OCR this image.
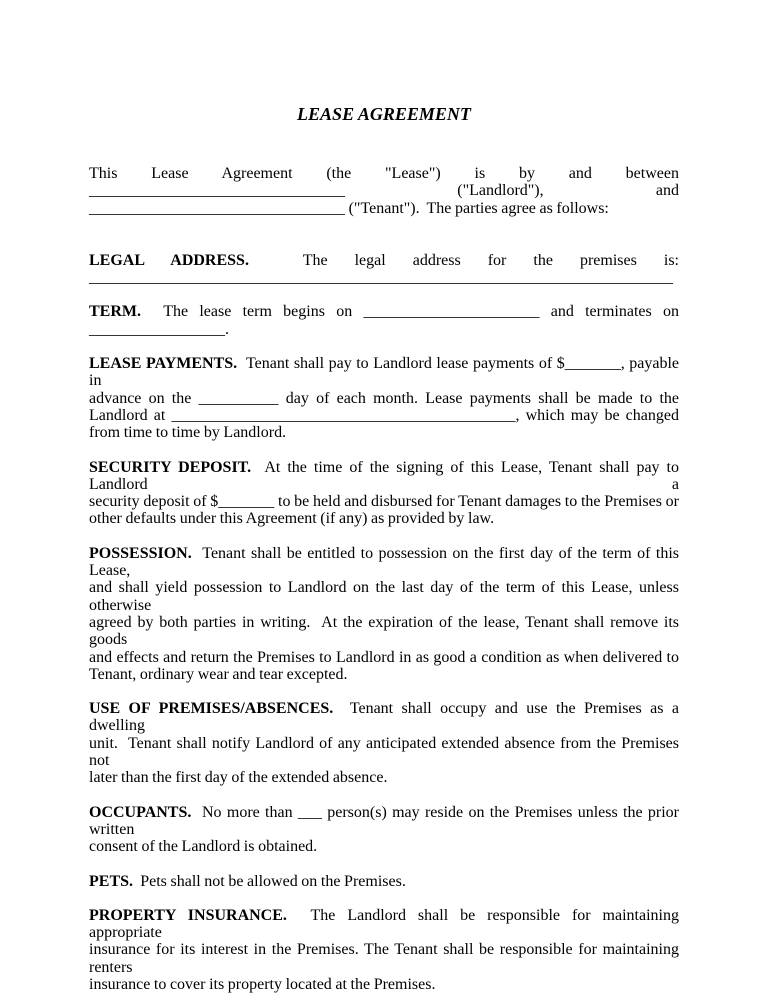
LEASE AGREEMENT
This Lease Agreement (the "Lease") is by and between
________________________________ ("Landlord"), and
________________________________ ("Tenant").  The parties agree as follows:
LEGAL ADDRESS.  The legal address for the premises is:
_________________________________________________________________________
TERM.  The lease term begins on ______________________ and terminates on
_________________.
LEASE PAYMENTS.  Tenant shall pay to Landlord lease payments of $_______, payable in
advance on the __________ day of each month. Lease payments shall be made to the
Landlord at ___________________________________________, which may be changed
from time to time by Landlord.
SECURITY DEPOSIT.  At the time of the signing of this Lease, Tenant shall pay to Landlord a
security deposit of $_______ to be held and disbursed for Tenant damages to the Premises or
other defaults under this Agreement (if any) as provided by law.
POSSESSION.  Tenant shall be entitled to possession on the first day of the term of this Lease,
and shall yield possession to Landlord on the last day of the term of this Lease, unless otherwise
agreed by both parties in writing.  At the expiration of the lease, Tenant shall remove its goods
and effects and return the Premises to Landlord in as good a condition as when delivered to
Tenant, ordinary wear and tear excepted.
USE OF PREMISES/ABSENCES.  Tenant shall occupy and use the Premises as a dwelling
unit.  Tenant shall notify Landlord of any anticipated extended absence from the Premises not
later than the first day of the extended absence.
OCCUPANTS.  No more than ___ person(s) may reside on the Premises unless the prior written
consent of the Landlord is obtained.
PETS.  Pets shall not be allowed on the Premises.
PROPERTY INSURANCE.  The Landlord shall be responsible for maintaining appropriate
insurance for its interest in the Premises. The Tenant shall be responsible for maintaining renters
insurance to cover its property located at the Premises.
